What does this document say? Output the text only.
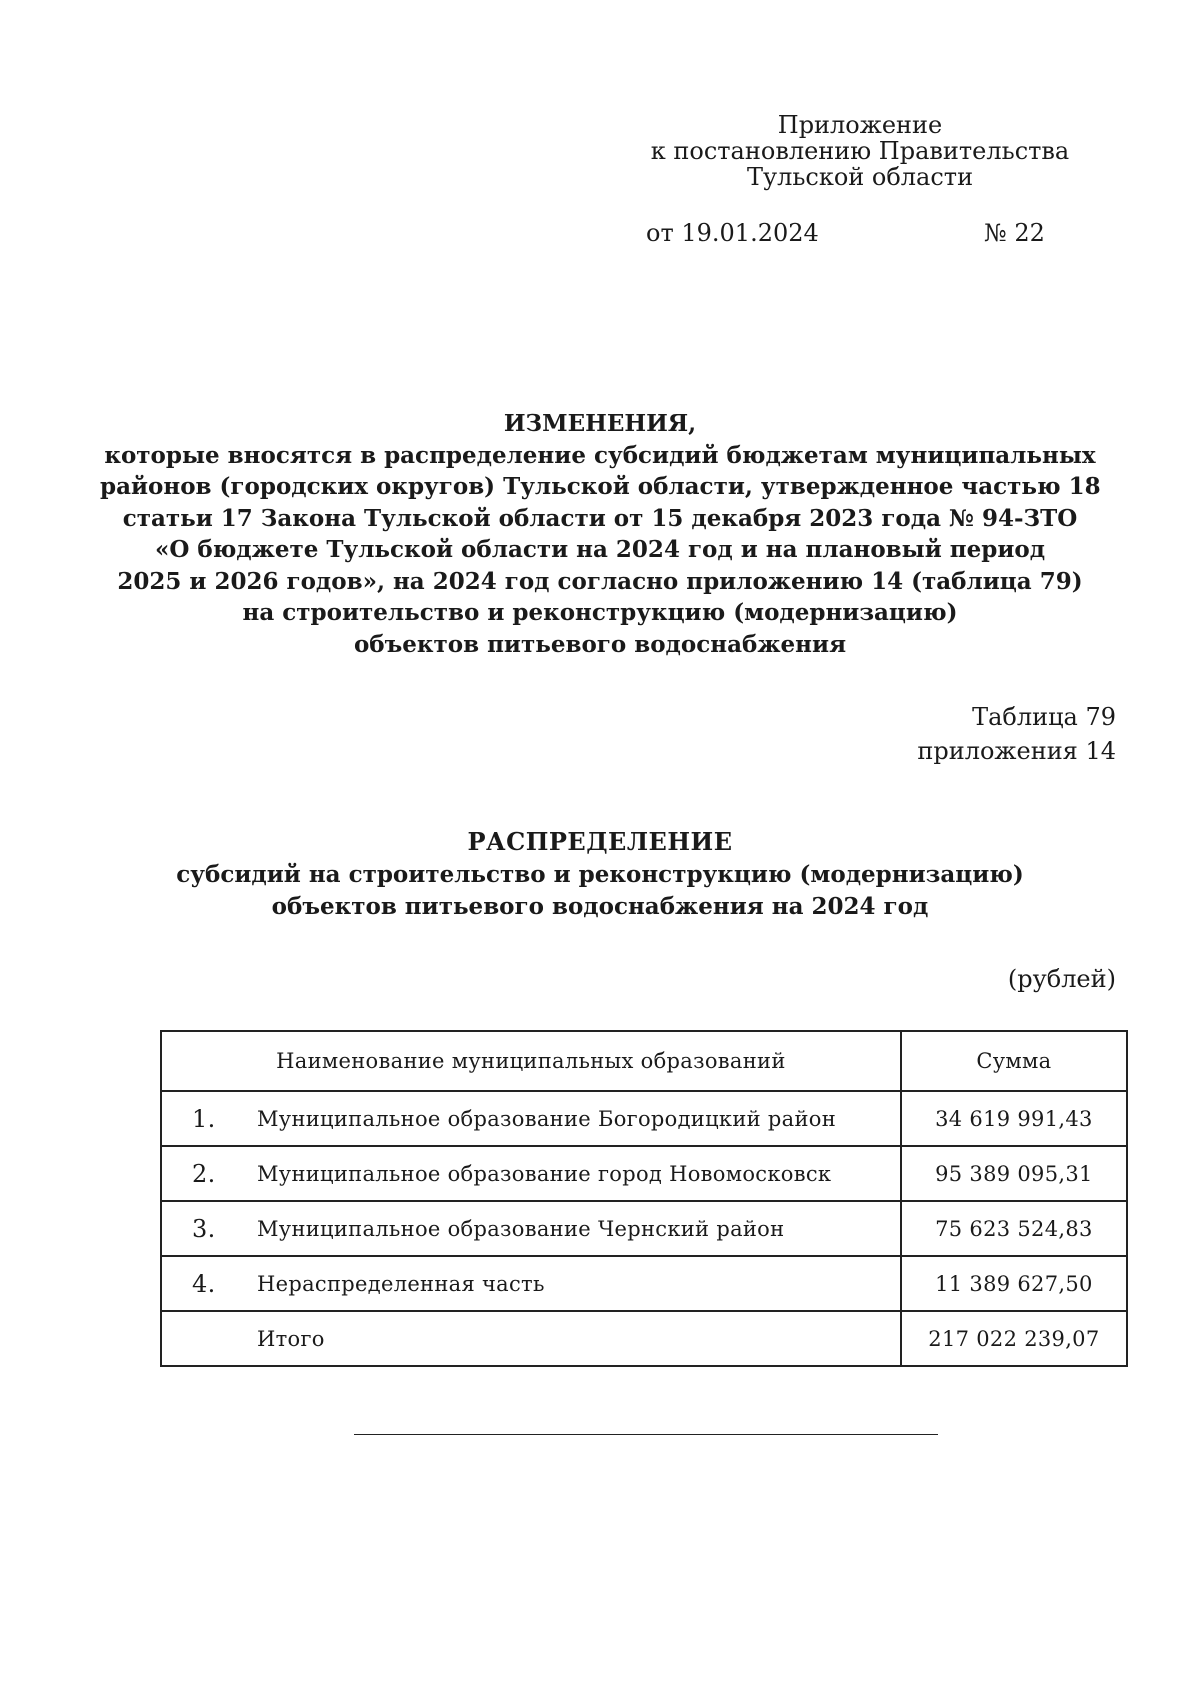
Приложение
к постановлению Правительства
Тульской области
от 19.01.2024	№ 22
ИЗМЕНЕНИЯ,
которые вносятся в распределение субсидий бюджетам муниципальных
районов (городских округов) Тульской области, утвержденное частью 18
статьи 17 Закона Тульской области от 15 декабря 2023 года № 94-ЗТО
«О бюджете Тульской области на 2024 год и на плановый период
2025 и 2026 годов», на 2024 год согласно приложению 14 (таблица 79)
на строительство и реконструкцию (модернизацию)
объектов питьевого водоснабжения
Таблица 79
приложения 14
РАСПРЕДЕЛЕНИЕ
субсидий на строительство и реконструкцию (модернизацию)
объектов питьевого водоснабжения на 2024 год
(рублей)
Наименование муниципальных образований	Сумма

1. Муниципальное образование Богородицкий район	34 619 991,43

2. Муниципальное образование город Новомосковск	95 389 095,31

3. Муниципальное образование Чернский район	75 623 524,83

4. Нераспределенная часть	11 389 627,50
Итого	217 022 239,07
